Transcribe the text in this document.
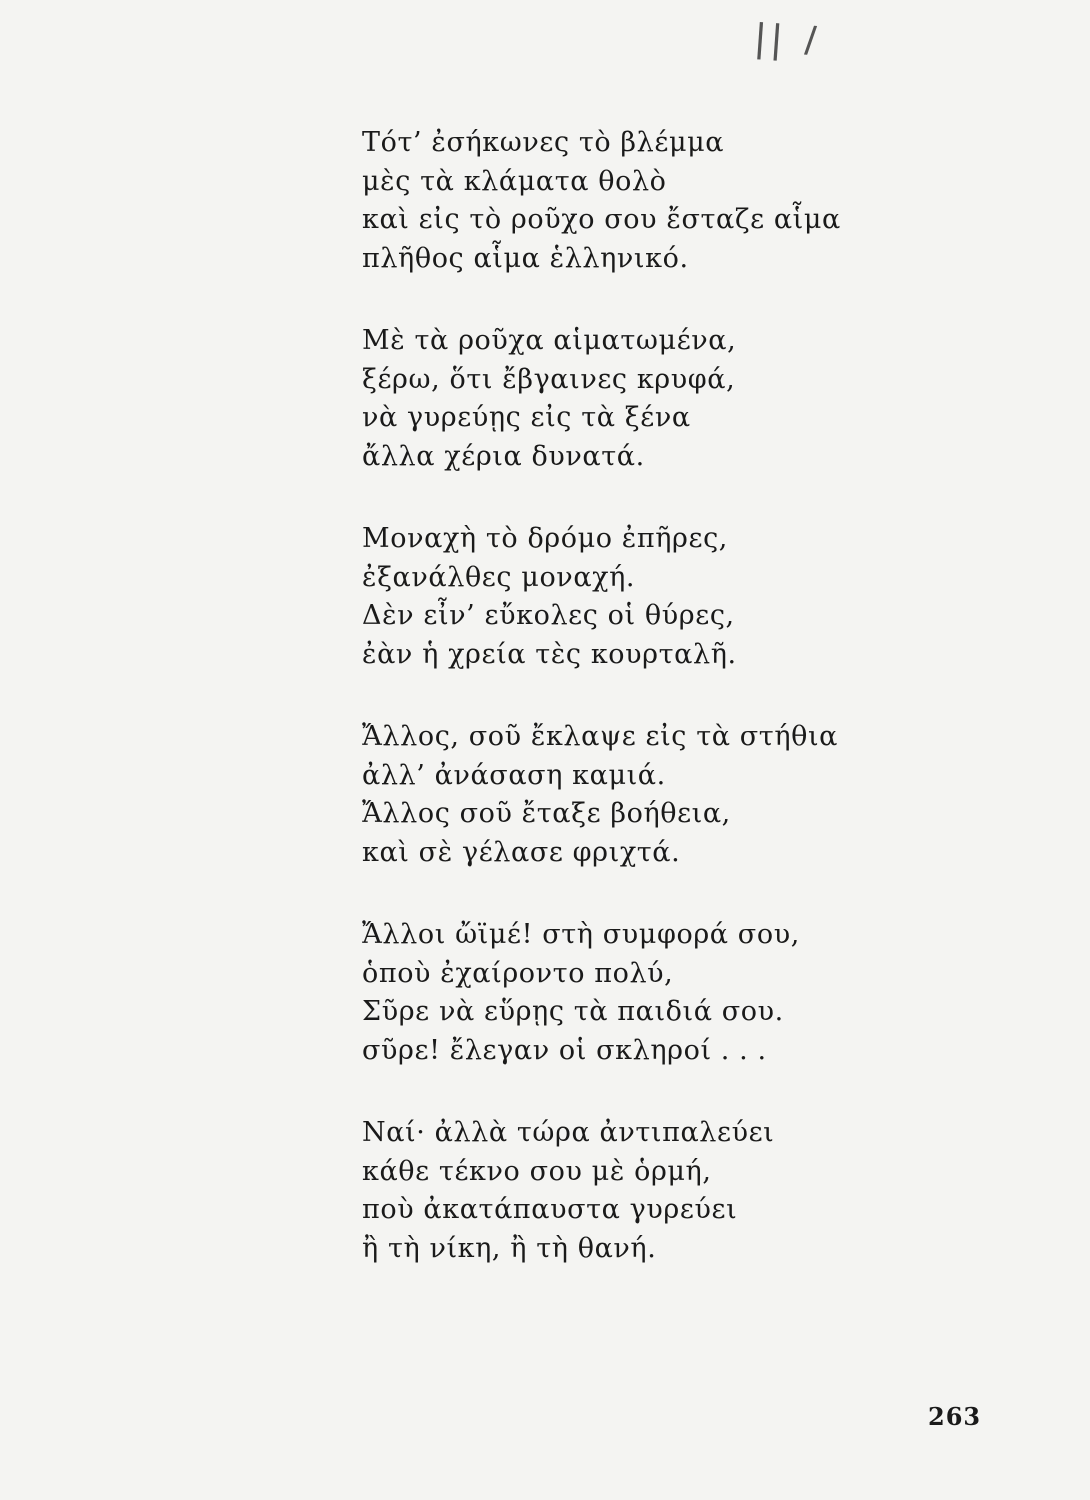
|| /
Τότ’ ἐσήκωνες τὸ βλέμμα
μὲς τὰ κλάματα θολὸ
καὶ εἰς τὸ ροῦχο σου ἔσταζε αἷμα
πλῆθος αἷμα ἑλληνικό.
Μὲ τὰ ροῦχα αἱματωμένα,
ξέρω, ὅτι ἔβγαινες κρυφά,
νὰ γυρεύῃς εἰς τὰ ξένα
ἄλλα χέρια δυνατά.
Μοναχὴ τὸ δρόμο ἐπῆρες,
ἐξανάλθες μοναχή.
Δὲν εἶν’ εὔκολες οἱ θύρες,
ἐὰν ἡ χρεία τὲς κουρταλῆ.
Ἄλλος, σοῦ ἔκλαψε εἰς τὰ στήθια
ἀλλ’ ἀνάσαση καμιά.
Ἄλλος σοῦ ἔταξε βοήθεια,
καὶ σὲ γέλασε φριχτά.
Ἄλλοι ὤϊμέ! στὴ συμφορά σου,
ὁποὺ ἐχαίροντο πολύ,
Σῦρε νὰ εὕρῃς τὰ παιδιά σου.
σῦρε! ἔλεγαν οἱ σκληροί . . .
Ναί· ἀλλὰ τώρα ἀντιπαλεύει
κάθε τέκνο σου μὲ ὁρμή,
ποὺ ἀκατάπαυστα γυρεύει
ἢ τὴ νίκη, ἢ τὴ θανή.
263
